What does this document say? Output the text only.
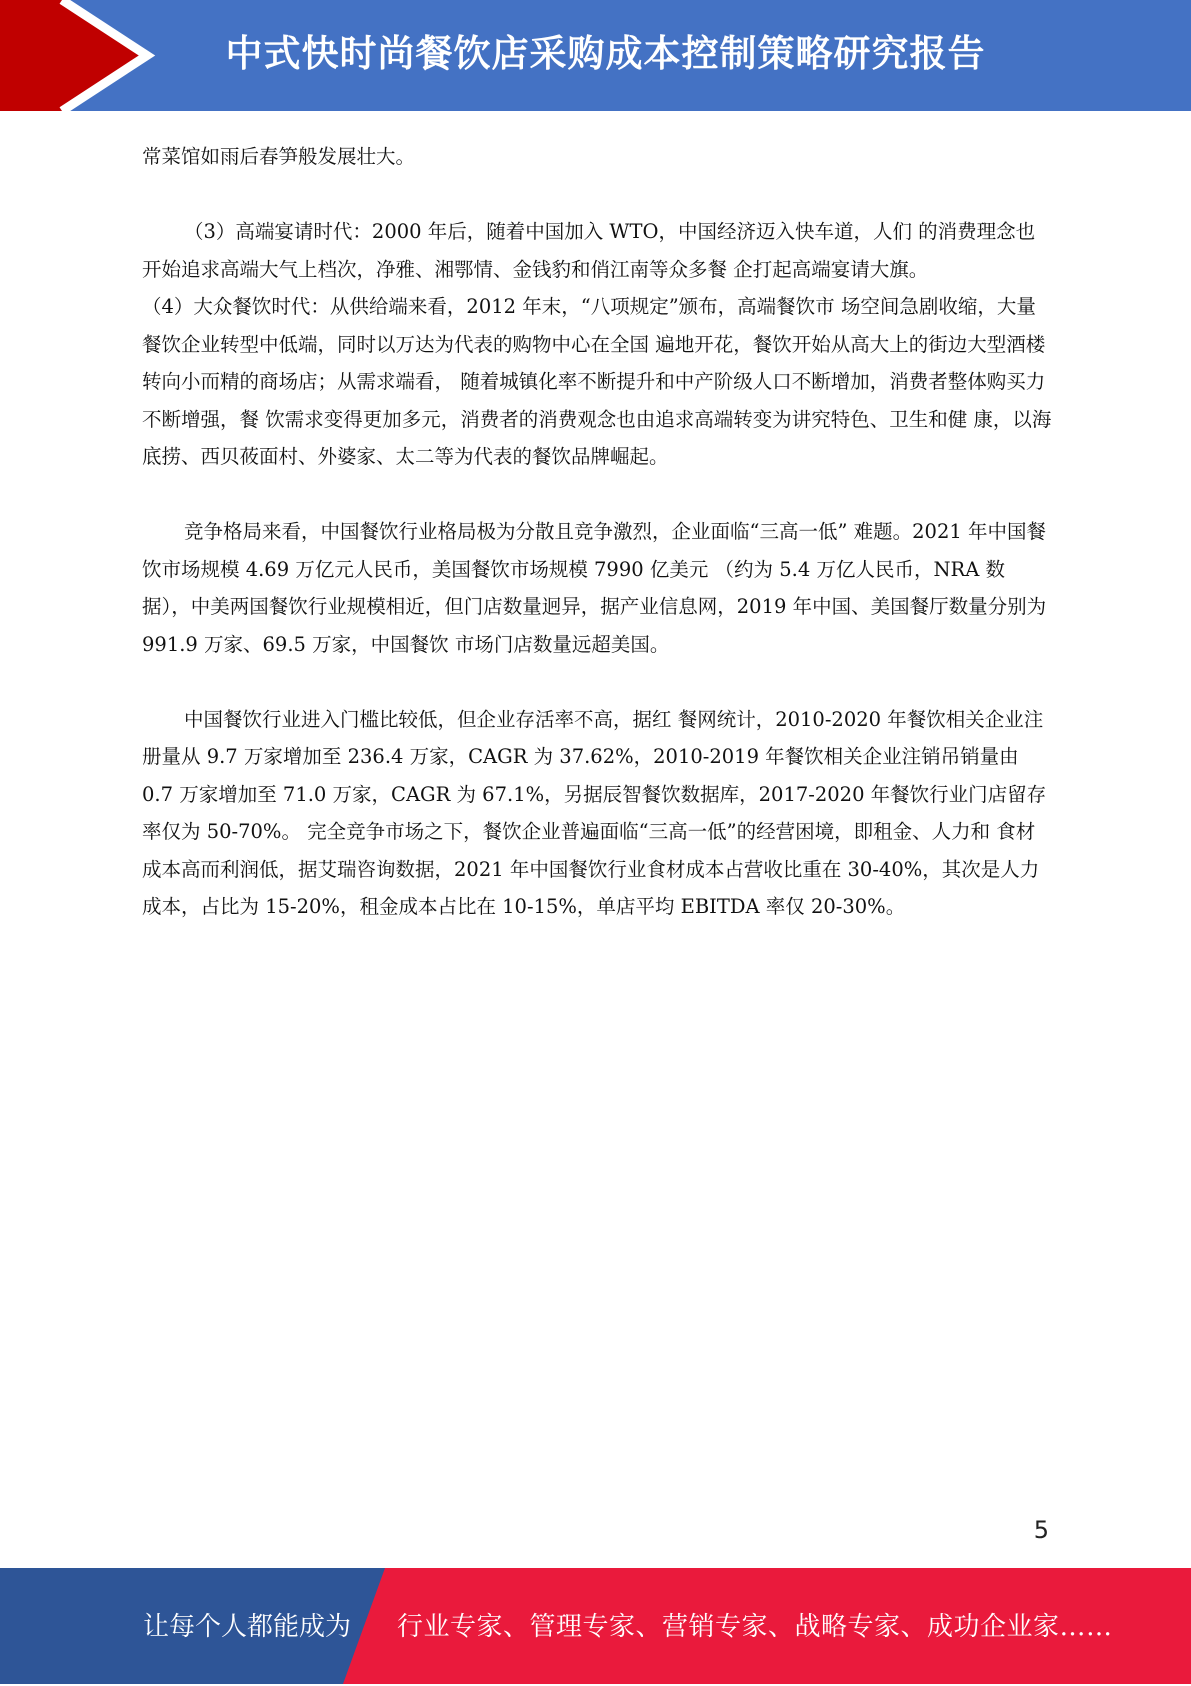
中式快时尚餐饮店采购成本控制策略研究报告

常菜馆如雨后春笋般发展壮大。

（3）高端宴请时代：2000 年后，随着中国加入 WTO，中国经济迈入快车道，人们 的消费理念也开始追求高端大气上档次，净雅、湘鄂情、金钱豹和俏江南等众多餐 企打起高端宴请大旗。

（4）大众餐饮时代：从供给端来看，2012 年末，“八项规定”颁布，高端餐饮市 场空间急剧收缩，大量餐饮企业转型中低端，同时以万达为代表的购物中心在全国 遍地开花，餐饮开始从高大上的街边大型酒楼转向小而精的商场店；从需求端看， 随着城镇化率不断提升和中产阶级人口不断增加，消费者整体购买力不断增强，餐 饮需求变得更加多元，消费者的消费观念也由追求高端转变为讲究特色、卫生和健 康，以海底捞、西贝莜面村、外婆家、太二等为代表的餐饮品牌崛起。

竞争格局来看，中国餐饮行业格局极为分散且竞争激烈，企业面临“三高一低” 难题。2021 年中国餐饮市场规模 4.69 万亿元人民币，美国餐饮市场规模 7990 亿美元 （约为 5.4 万亿人民币，NRA 数据），中美两国餐饮行业规模相近，但门店数量迥异，据产业信息网，2019 年中国、美国餐厅数量分别为 991.9 万家、69.5 万家，中国餐饮 市场门店数量远超美国。

中国餐饮行业进入门槛比较低，但企业存活率不高，据红 餐网统计，2010-2020 年餐饮相关企业注册量从 9.7 万家增加至 236.4 万家，CAGR 为 37.62%，2010-2019 年餐饮相关企业注销吊销量由 0.7 万家增加至 71.0 万家，CAGR 为 67.1%，另据辰智餐饮数据库，2017-2020 年餐饮行业门店留存率仅为 50-70%。 完全竞争市场之下，餐饮企业普遍面临“三高一低”的经营困境，即租金、人力和 食材成本高而利润低，据艾瑞咨询数据，2021 年中国餐饮行业食材成本占营收比重在 30-40%，其次是人力成本，占比为 15-20%，租金成本占比在 10-15%，单店平均 EBITDA 率仅 20-30%。

5
让每个人都能成为 行业专家、管理专家、营销专家、战略专家、成功企业家……
